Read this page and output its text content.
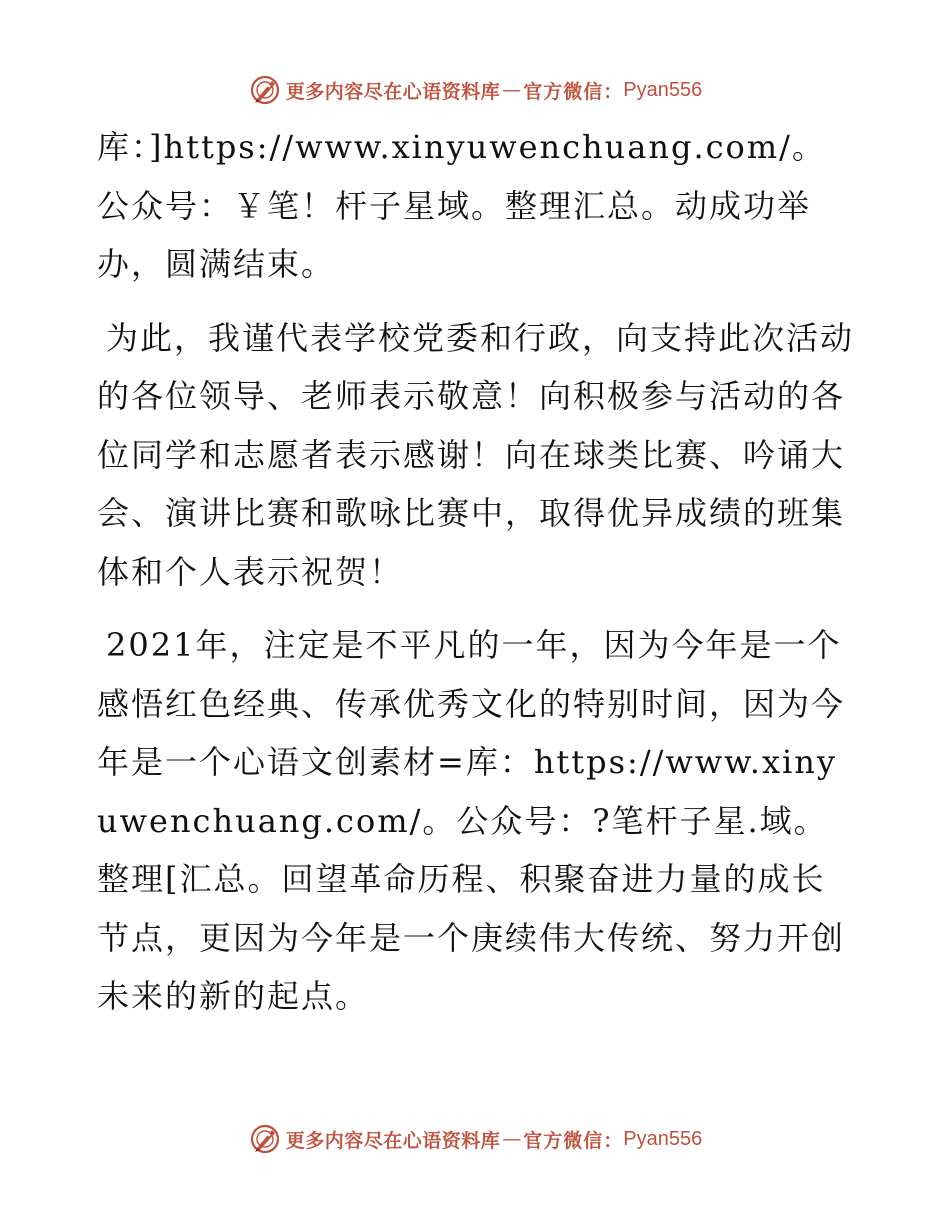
更多内容尽在心语资料库 — 官方微信： Pyan556

库：]https://www.xinyuwenchuang.com/。公众号：￥笔！杆子星域。整理汇总。动成功举办，圆满结束。

为此，我谨代表学校党委和行政，向支持此次活动的各位领导、老师表示敬意！向积极参与活动的各位同学和志愿者表示感谢！向在球类比赛、吟诵大会、演讲比赛和歌咏比赛中，取得优异成绩的班集体和个人表示祝贺！

2021年，注定是不平凡的一年，因为今年是一个感悟红色经典、传承优秀文化的特别时间，因为今年是一个心语文创素材=库：https://www.xinyuwenchuang.com/。公众号：?笔杆子星.域。整理[汇总。回望革命历程、积聚奋进力量的成长节点，更因为今年是一个庚续伟大传统、努力开创未来的新的起点。

更多内容尽在心语资料库 — 官方微信： Pyan556
